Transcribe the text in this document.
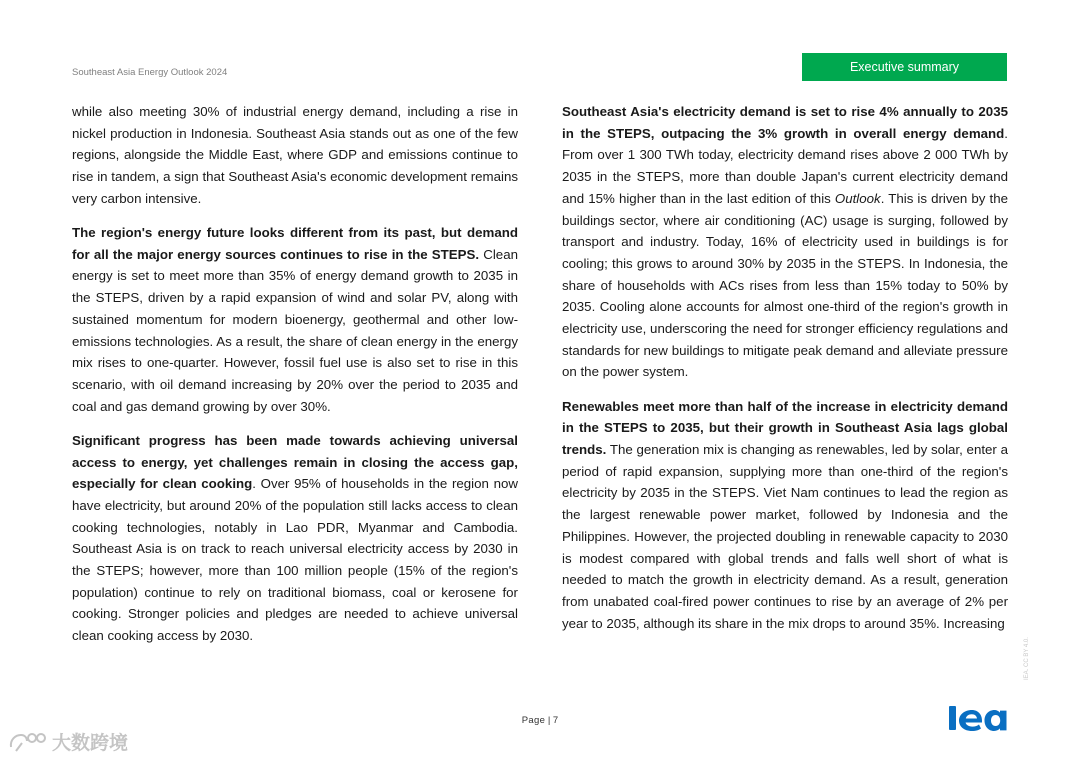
Southeast Asia Energy Outlook 2024	Executive summary

while also meeting 30% of industrial energy demand, including a rise in nickel production in Indonesia. Southeast Asia stands out as one of the few regions, alongside the Middle East, where GDP and emissions continue to rise in tandem, a sign that Southeast Asia's economic development remains very carbon intensive.

The region's energy future looks different from its past, but demand for all the major energy sources continues to rise in the STEPS. Clean energy is set to meet more than 35% of energy demand growth to 2035 in the STEPS, driven by a rapid expansion of wind and solar PV, along with sustained momentum for modern bioenergy, geothermal and other low-emissions technologies. As a result, the share of clean energy in the energy mix rises to one-quarter. However, fossil fuel use is also set to rise in this scenario, with oil demand increasing by 20% over the period to 2035 and coal and gas demand growing by over 30%.

Significant progress has been made towards achieving universal access to energy, yet challenges remain in closing the access gap, especially for clean cooking. Over 95% of households in the region now have electricity, but around 20% of the population still lacks access to clean cooking technologies, notably in Lao PDR, Myanmar and Cambodia. Southeast Asia is on track to reach universal electricity access by 2030 in the STEPS; however, more than 100 million people (15% of the region's population) continue to rely on traditional biomass, coal or kerosene for cooking. Stronger policies and pledges are needed to achieve universal clean cooking access by 2030.

Southeast Asia's electricity demand is set to rise 4% annually to 2035 in the STEPS, outpacing the 3% growth in overall energy demand. From over 1 300 TWh today, electricity demand rises above 2 000 TWh by 2035 in the STEPS, more than double Japan's current electricity demand and 15% higher than in the last edition of this Outlook. This is driven by the buildings sector, where air conditioning (AC) usage is surging, followed by transport and industry. Today, 16% of electricity used in buildings is for cooling; this grows to around 30% by 2035 in the STEPS. In Indonesia, the share of households with ACs rises from less than 15% today to 50% by 2035. Cooling alone accounts for almost one-third of the region's growth in electricity use, underscoring the need for stronger efficiency regulations and standards for new buildings to mitigate peak demand and alleviate pressure on the power system.

Renewables meet more than half of the increase in electricity demand in the STEPS to 2035, but their growth in Southeast Asia lags global trends. The generation mix is changing as renewables, led by solar, enter a period of rapid expansion, supplying more than one-third of the region's electricity by 2035 in the STEPS. Viet Nam continues to lead the region as the largest renewable power market, followed by Indonesia and the Philippines. However, the projected doubling in renewable capacity to 2030 is modest compared with global trends and falls well short of what is needed to match the growth in electricity demand. As a result, generation from unabated coal-fired power continues to rise by an average of 2% per year to 2035, although its share in the mix drops to around 35%. Increasing

Page | 7
IEA. CC BY 4.0.
大数跨境
